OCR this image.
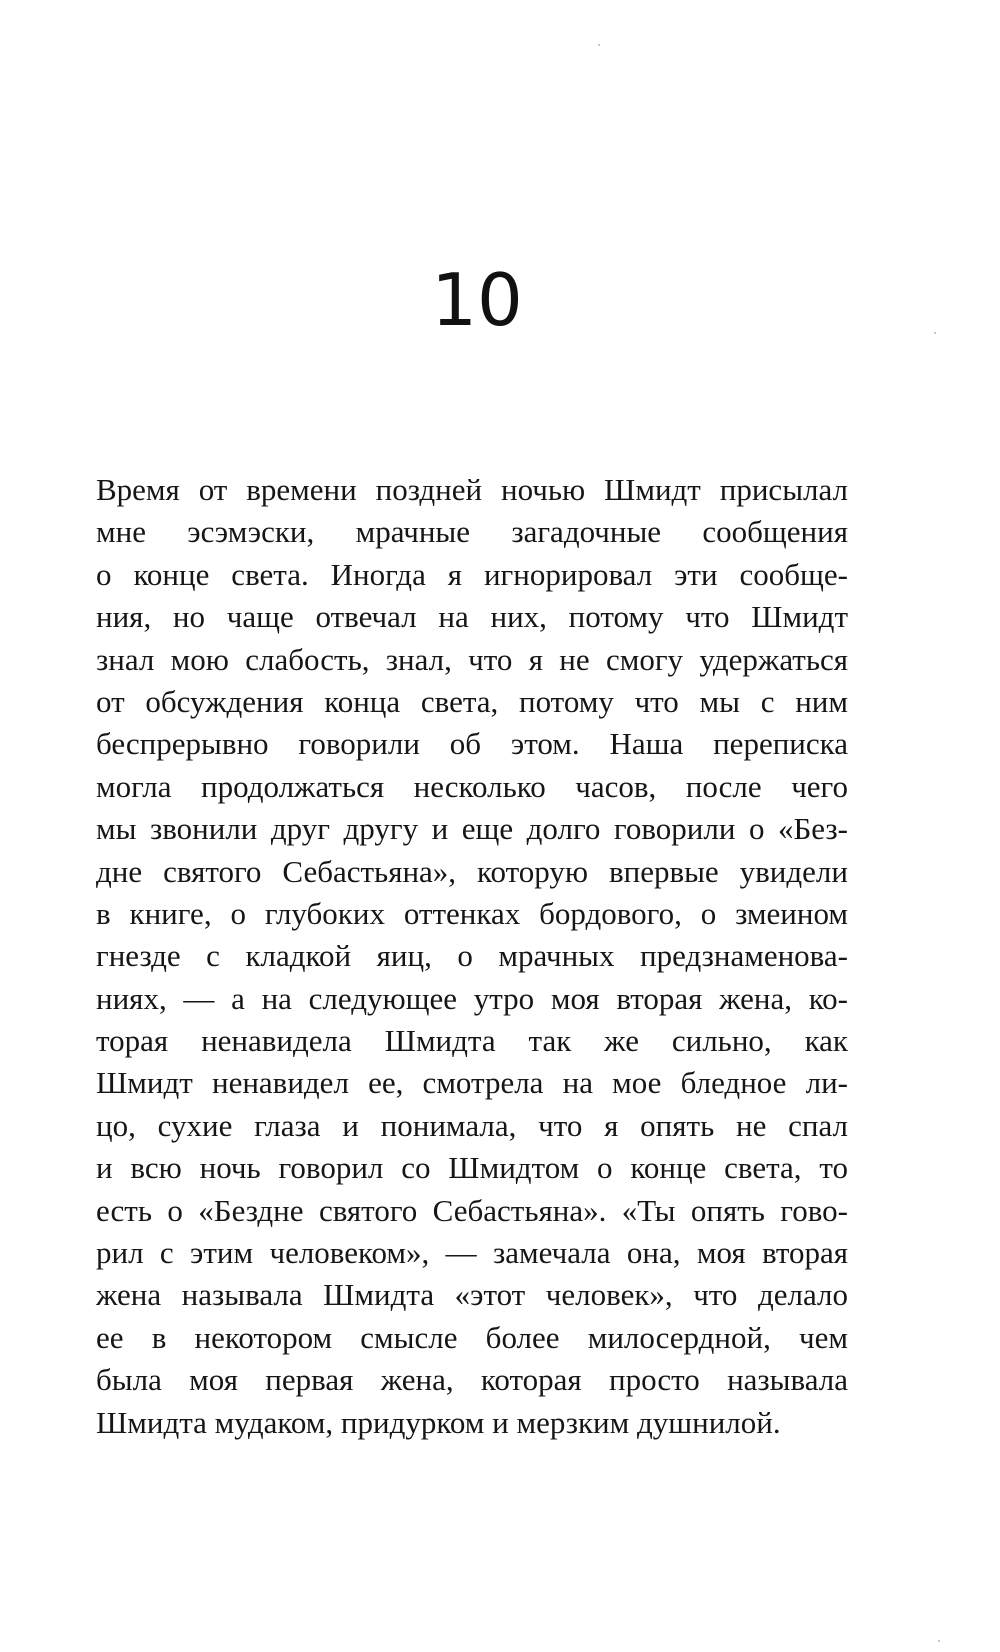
10
Время от времени поздней ночью Шмидт присылал
мне эсэмэски, мрачные загадочные сообщения
о конце света. Иногда я игнорировал эти сообще-
ния, но чаще отвечал на них, потому что Шмидт
знал мою слабость, знал, что я не смогу удержаться
от обсуждения конца света, потому что мы с ним
беспрерывно говорили об этом. Наша переписка
могла продолжаться несколько часов, после чего
мы звонили друг другу и еще долго говорили о «Без-
дне святого Себастьяна», которую впервые увидели
в книге, о глубоких оттенках бордового, о змеином
гнезде с кладкой яиц, о мрачных предзнаменова-
ниях, — а на следующее утро моя вторая жена, ко-
торая ненавидела Шмидта так же сильно, как
Шмидт ненавидел ее, смотрела на мое бледное ли-
цо, сухие глаза и понимала, что я опять не спал
и всю ночь говорил со Шмидтом о конце света, то
есть о «Бездне святого Себастьяна». «Ты опять гово-
рил с этим человеком», — замечала она, моя вторая
жена называла Шмидта «этот человек», что делало
ее в некотором смысле более милосердной, чем
была моя первая жена, которая просто называла
Шмидта мудаком, придурком и мерзким душнилой.
